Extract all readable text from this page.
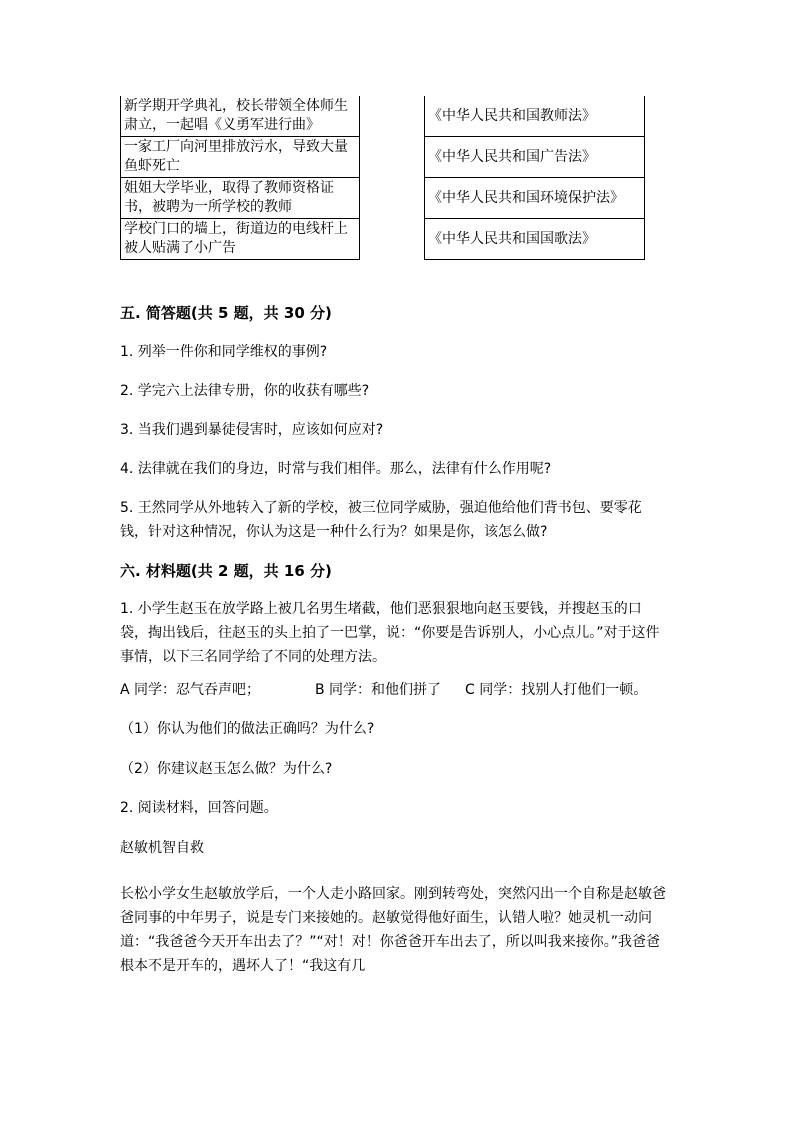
新学期开学典礼，校长带领全体师生肃立，一起唱《义勇军进行曲》
一家工厂向河里排放污水，导致大量鱼虾死亡
姐姐大学毕业，取得了教师资格证书，被聘为一所学校的教师
学校门口的墙上，街道边的电线杆上被人贴满了小广告
《中华人民共和国教师法》
《中华人民共和国广告法》
《中华人民共和国环境保护法》
《中华人民共和国国歌法》
五. 简答题(共 5 题，共 30 分)
1. 列举一件你和同学维权的事例?
2. 学完六上法律专册，你的收获有哪些?
3. 当我们遇到暴徒侵害时，应该如何应对?
4. 法律就在我们的身边，时常与我们相伴。那么，法律有什么作用呢?
5. 王然同学从外地转入了新的学校，被三位同学威胁，强迫他给他们背书包、要零花钱，针对这种情况，你认为这是一种什么行为？如果是你，该怎么做?
六. 材料题(共 2 题，共 16 分)
1. 小学生赵玉在放学路上被几名男生堵截，他们恶狠狠地向赵玉要钱，并搜赵玉的口袋，掏出钱后，往赵玉的头上拍了一巴掌，说：“你要是告诉别人，小心点儿。”对于这件事情，以下三名同学给了不同的处理方法。
A 同学：忍气吞声吧；	B 同学：和他们拼了 C 同学：找别人打他们一顿。
（1）你认为他们的做法正确吗？为什么?
（2）你建议赵玉怎么做？为什么?
2. 阅读材料，回答问题。
赵敏机智自救
长松小学女生赵敏放学后，一个人走小路回家。刚到转弯处，突然闪出一个自称是赵敏爸爸同事的中年男子，说是专门来接她的。赵敏觉得他好面生，认错人啦？她灵机一动问道：“我爸爸今天开车出去了？”“对！对！你爸爸开车出去了，所以叫我来接你。”我爸爸根本不是开车的，遇坏人了！“我这有几
